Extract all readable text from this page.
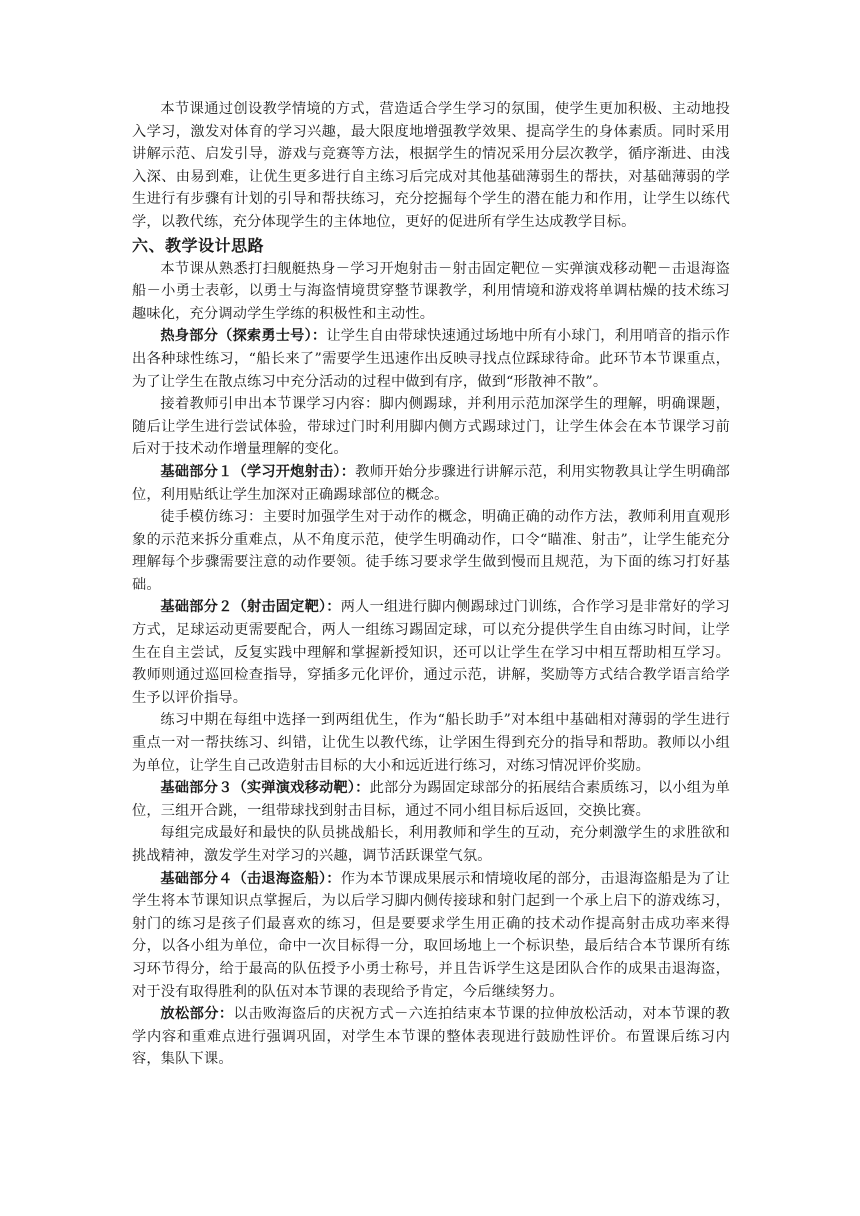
本节课通过创设教学情境的方式，营造适合学生学习的氛围，使学生更加积极、主动地投入学习，激发对体育的学习兴趣，最大限度地增强教学效果、提高学生的身体素质。同时采用讲解示范、启发引导，游戏与竞赛等方法，根据学生的情况采用分层次教学，循序渐进、由浅入深、由易到难，让优生更多进行自主练习后完成对其他基础薄弱生的帮扶，对基础薄弱的学生进行有步骤有计划的引导和帮扶练习，充分挖掘每个学生的潜在能力和作用，让学生以练代学，以教代练，充分体现学生的主体地位，更好的促进所有学生达成教学目标。

六、教学设计思路

本节课从熟悉打扫舰艇热身－学习开炮射击－射击固定靶位－实弹演戏移动靶－击退海盗船－小勇士表彰，以勇士与海盗情境贯穿整节课教学，利用情境和游戏将单调枯燥的技术练习趣味化，充分调动学生学练的积极性和主动性。

热身部分（探索勇士号）：让学生自由带球快速通过场地中所有小球门，利用哨音的指示作出各种球性练习，“船长来了”需要学生迅速作出反映寻找点位踩球待命。此环节本节课重点，为了让学生在散点练习中充分活动的过程中做到有序，做到“形散神不散”。

接着教师引申出本节课学习内容：脚内侧踢球，并利用示范加深学生的理解，明确课题，随后让学生进行尝试体验，带球过门时利用脚内侧方式踢球过门，让学生体会在本节课学习前后对于技术动作增量理解的变化。

基础部分１（学习开炮射击）：教师开始分步骤进行讲解示范，利用实物教具让学生明确部位，利用贴纸让学生加深对正确踢球部位的概念。

徒手模仿练习：主要时加强学生对于动作的概念，明确正确的动作方法，教师利用直观形象的示范来拆分重难点，从不角度示范，使学生明确动作，口令“瞄准、射击”，让学生能充分理解每个步骤需要注意的动作要领。徒手练习要求学生做到慢而且规范，为下面的练习打好基础。

基础部分２（射击固定靶）：两人一组进行脚内侧踢球过门训练，合作学习是非常好的学习方式，足球运动更需要配合，两人一组练习踢固定球，可以充分提供学生自由练习时间，让学生在自主尝试，反复实践中理解和掌握新授知识，还可以让学生在学习中相互帮助相互学习。教师则通过巡回检查指导，穿插多元化评价，通过示范，讲解，奖励等方式结合教学语言给学生予以评价指导。

练习中期在每组中选择一到两组优生，作为“船长助手”对本组中基础相对薄弱的学生进行重点一对一帮扶练习、纠错，让优生以教代练，让学困生得到充分的指导和帮助。教师以小组为单位，让学生自己改造射击目标的大小和远近进行练习，对练习情况评价奖励。

基础部分３（实弹演戏移动靶）：此部分为踢固定球部分的拓展结合素质练习，以小组为单位，三组开合跳，一组带球找到射击目标，通过不同小组目标后返回，交换比赛。

每组完成最好和最快的队员挑战船长，利用教师和学生的互动，充分刺激学生的求胜欲和挑战精神，激发学生对学习的兴趣，调节活跃课堂气氛。

基础部分４（击退海盗船）：作为本节课成果展示和情境收尾的部分，击退海盗船是为了让学生将本节课知识点掌握后，为以后学习脚内侧传接球和射门起到一个承上启下的游戏练习，射门的练习是孩子们最喜欢的练习，但是要要求学生用正确的技术动作提高射击成功率来得分，以各小组为单位，命中一次目标得一分，取回场地上一个标识垫，最后结合本节课所有练习环节得分，给于最高的队伍授予小勇士称号，并且告诉学生这是团队合作的成果击退海盗，对于没有取得胜利的队伍对本节课的表现给予肯定，今后继续努力。

放松部分：以击败海盗后的庆祝方式－六连拍结束本节课的拉伸放松活动，对本节课的教学内容和重难点进行强调巩固，对学生本节课的整体表现进行鼓励性评价。布置课后练习内容，集队下课。
